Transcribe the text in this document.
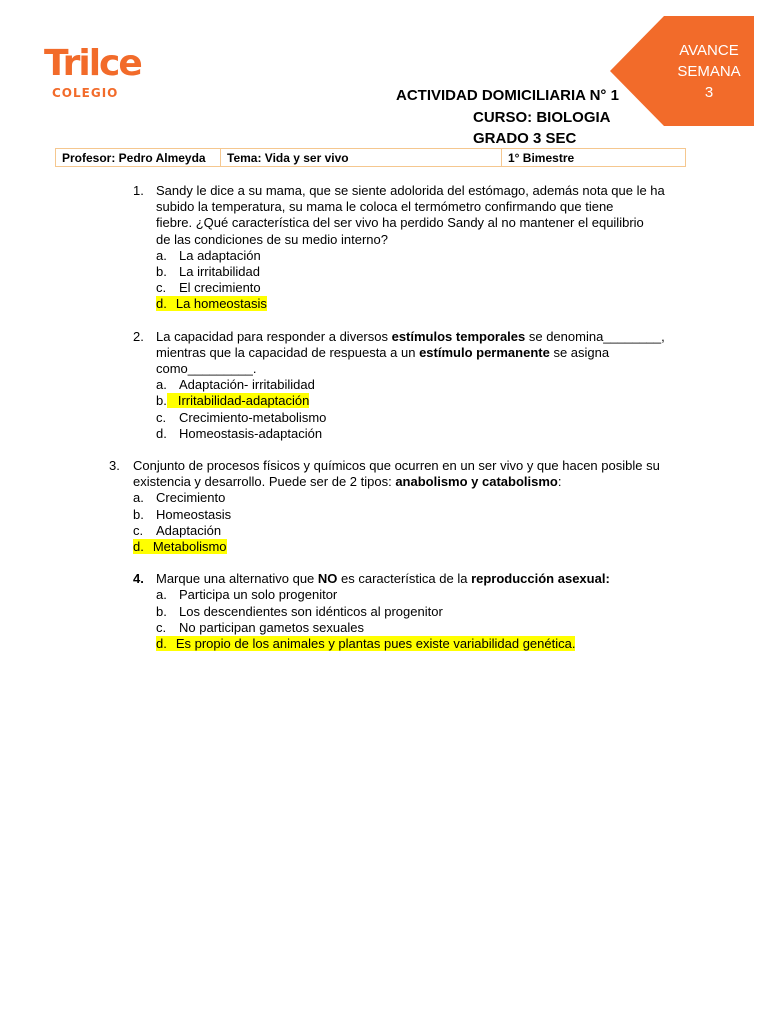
Trilce
COLEGIO
AVANCE
SEMANA
3
ACTIVIDAD DOMICILIARIA N° 1
CURSO: BIOLOGIA
GRADO 3 SEC
Profesor: Pedro Almeyda	Tema: Vida y ser vivo	1° Bimestre
1. Sandy le dice a su mama, que se siente adolorida del estómago, además nota que le ha
subido la temperatura, su mama le coloca el termómetro confirmando que tiene
fiebre. ¿Qué característica del ser vivo ha perdido Sandy al no mantener el equilibrio
de las condiciones de su medio interno?
a. La adaptación
b. La irritabilidad
c. El crecimiento
d. La homeostasis
2. La capacidad para responder a diversos estímulos temporales se denomina________,
mientras que la capacidad de respuesta a un estímulo permanente se asigna
como_________.
a. Adaptación- irritabilidad
b. Irritabilidad-adaptación
c. Crecimiento-metabolismo
d. Homeostasis-adaptación
3. Conjunto de procesos físicos y químicos que ocurren en un ser vivo y que hacen posible su
existencia y desarrollo. Puede ser de 2 tipos: anabolismo y catabolismo:
a. Crecimiento
b. Homeostasis
c. Adaptación
d. Metabolismo
4. Marque una alternativo que NO es característica de la reproducción asexual:
a. Participa un solo progenitor
b. Los descendientes son idénticos al progenitor
c. No participan gametos sexuales
d. Es propio de los animales y plantas pues existe variabilidad genética.
